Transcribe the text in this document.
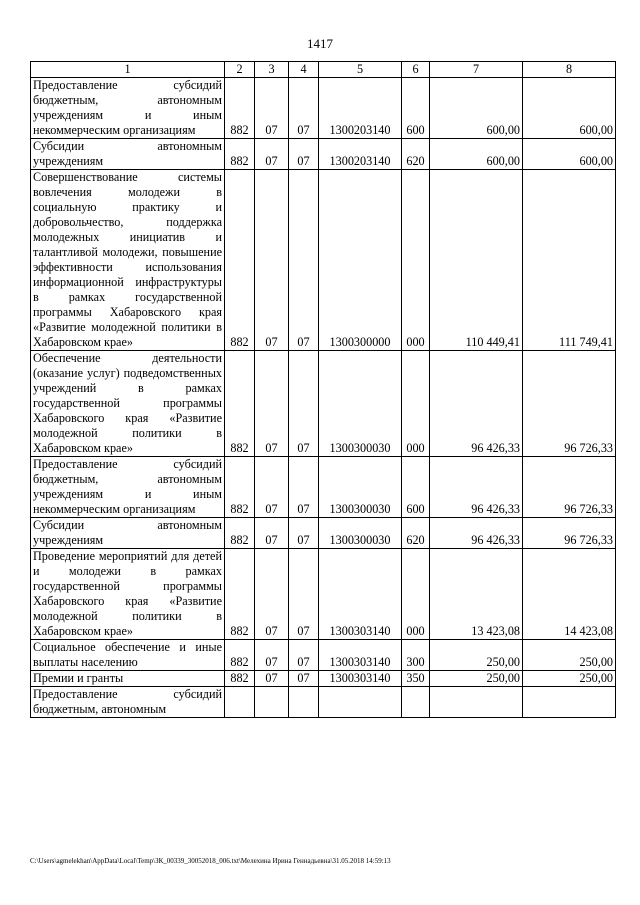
1417
1	2	3	4	5	6	7	8
Предоставление субсидий бюджетным, автономным учреждениям и иным некоммерческим организациям	882	07	07	1300203140	600	600,00	600,00
Субсидии автономным учреждениям	882	07	07	1300203140	620	600,00	600,00
Совершенствование системы вовлечения молодежи в социальную практику и добровольчество, поддержка молодежных инициатив и талантливой молодежи, повышение эффективности использования информационной инфраструктуры в рамках государственной программы Хабаровского края «Развитие молодежной политики в Хабаровском крае»	882	07	07	1300300000	000	110 449,41	111 749,41
Обеспечение деятельности (оказание услуг) подведомственных учреждений в рамках государственной программы Хабаровского края «Развитие молодежной политики в Хабаровском крае»	882	07	07	1300300030	000	96 426,33	96 726,33
Предоставление субсидий бюджетным, автономным учреждениям и иным некоммерческим организациям	882	07	07	1300300030	600	96 426,33	96 726,33
Субсидии автономным учреждениям	882	07	07	1300300030	620	96 426,33	96 726,33
Проведение мероприятий для детей и молодежи в рамках государственной программы Хабаровского края «Развитие молодежной политики в Хабаровском крае»	882	07	07	1300303140	000	13 423,08	14 423,08
Социальное обеспечение и иные выплаты населению	882	07	07	1300303140	300	250,00	250,00
Премии и гранты	882	07	07	1300303140	350	250,00	250,00
Предоставление субсидий бюджетным, автономным							
C:\Users\agmelekhan\AppData\Local\Temp\ЗК_00339_30052018_006.txt\Мелехина Ирина Геннадьевна\31.05.2018 14:59:13
